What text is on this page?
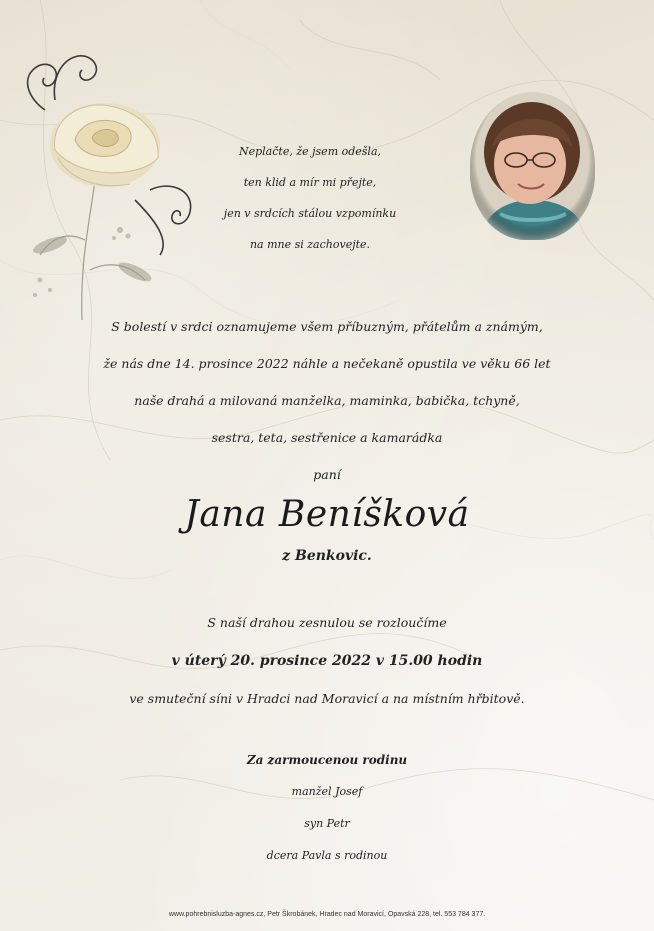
Neplačte, že jsem odešla,
ten klid a mír mi přejte,
jen v srdcích stálou vzpomínku
na mne si zachovejte.
S bolestí v srdci oznamujeme všem příbuzným, přátelům a známým,
že nás dne 14. prosince 2022 náhle a nečekaně opustila ve věku 66 let
naše drahá a milovaná manželka, maminka, babička, tchyně,
sestra, teta, sestřenice a kamarádka
paní
Jana Beníšková
z Benkovic.
S naší drahou zesnulou se rozloučíme
v úterý 20. prosince 2022 v 15.00 hodin
ve smuteční síni v Hradci nad Moravicí a na místním hřbitově.
Za zarmoucenou rodinu
manžel Josef
syn Petr
dcera Pavla s rodinou
www.pohrebnisluzba-agnes.cz, Petr Škrobánek, Hradec nad Moravicí, Opavská 228, tel. 553 784 377.
